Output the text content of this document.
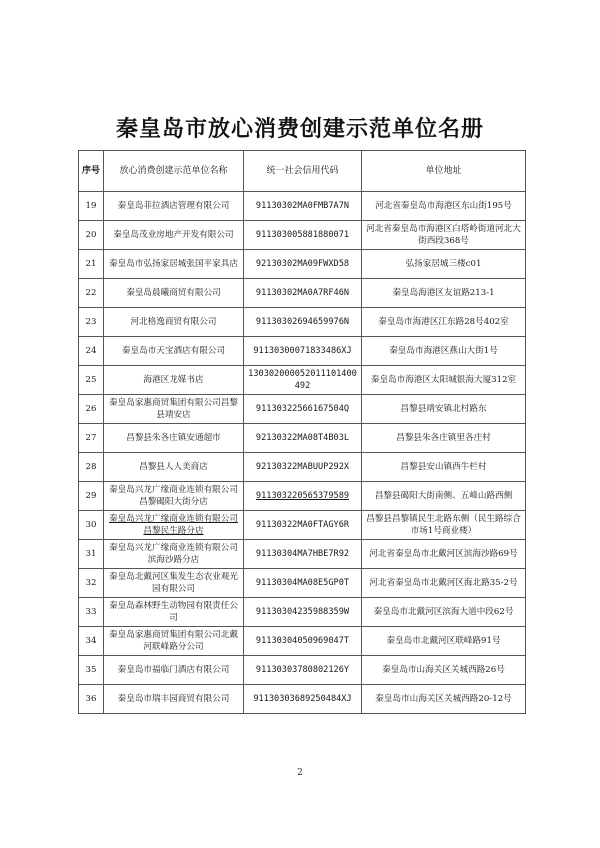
秦皇岛市放心消费创建示范单位名册
序号	放心消费创建示范单位名称	统一社会信用代码	单位地址
19	秦皇岛菲拉酒店管理有限公司	91130302MA0FMB7A7N	河北省秦皇岛市海港区东山街195号
20	秦皇岛茂业房地产开发有限公司	911303005881880071	河北省秦皇岛市海港区白塔岭街道河北大街西段368号
21	秦皇岛市弘扬家居城张国平家具店	92130302MA09FWXD58	弘扬家居城三楼c01
22	秦皇岛晨曦商贸有限公司	91130302MA0A7RF46N	秦皇岛海港区友谊路213-1
23	河北格逸商贸有限公司	91130302694659976N	秦皇岛市海港区江东路28号402室
24	秦皇岛市天宝酒店有限公司	91130300071833486XJ	秦皇岛市海港区燕山大街1号
25	海港区龙媒书店	130302000052011101400492	秦皇岛市海港区太阳城银海大厦312室
26	秦皇岛家惠商贸集团有限公司昌黎县靖安店	91130322566167504Q	昌黎县靖安镇北村路东
27	昌黎县朱各庄镇安通超市	92130322MA08T4B03L	昌黎县朱各庄镇里各庄村
28	昌黎县人人美商店	92130322MABUUP292X	昌黎县安山镇西牛栏村
29	秦皇岛兴龙广缘商业连锁有限公司昌黎碣阳大街分店	911303220565379589	昌黎县碣阳大街南侧、五峰山路西侧
30	秦皇岛兴龙广缘商业连锁有限公司昌黎民生路分店	91130322MA0FTAGY6R	昌黎县昌黎镇民生北路东侧（民生路综合市场1号商业楼）
31	秦皇岛兴龙广缘商业连锁有限公司滨海沙路分店	91130304MA7HBE7R92	河北省秦皇岛市北戴河区滨海沙路69号
32	秦皇岛北戴河区集发生态农业观光园有限公司	91130304MA08E5GP0T	河北省秦皇岛市北戴河区海北路35-2号
33	秦皇岛森林野生动物园有限责任公司	91130304235988359W	秦皇岛市北戴河区滨海大道中段62号
34	秦皇岛家惠商贸集团有限公司北戴河联峰路分公司	91130304050969047T	秦皇岛市北戴河区联峰路91号
35	秦皇岛市福临门酒店有限公司	91130303780802126Y	秦皇岛市山海关区关城西路26号
36	秦皇岛市瑞丰园商贸有限公司	91130303689250484XJ	秦皇岛市山海关区关城西路20-12号
2
